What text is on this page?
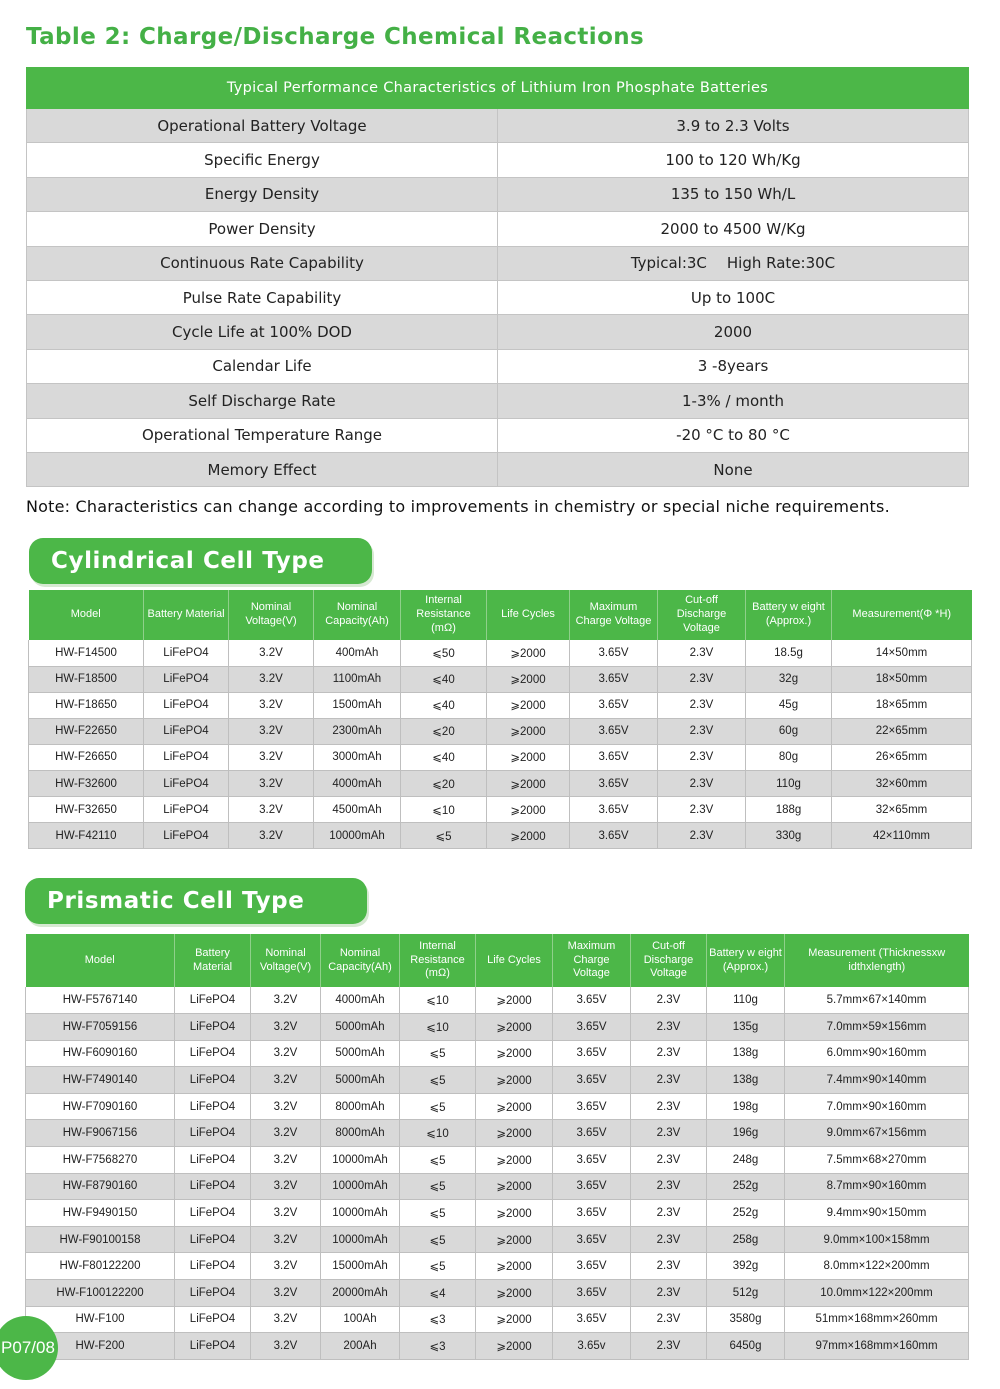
Table 2: Charge/Discharge Chemical Reactions
Typical Performance Characteristics of Lithium Iron Phosphate Batteries	
Operational Battery Voltage	3.9 to 2.3 Volts
Specific Energy	100 to 120 Wh/Kg
Energy Density	135 to 150 Wh/L
Power Density	2000 to 4500 W/Kg
Continuous Rate Capability	Typical:3C High Rate:30C
Pulse Rate Capability	Up to 100C
Cycle Life at 100% DOD	2000
Calendar Life	3 -8years
Self Discharge Rate	1-3% / month
Operational Temperature Range	-20 °C to 80 °C
Memory Effect	None

Note: Characteristics can change according to improvements in chemistry or special niche requirements.

Cylindrical Cell Type
Model	Battery Material	Nominal Voltage(V)	Nominal Capacity(Ah)	Internal Resistance (mΩ)	Life Cycles	Maximum Charge Voltage	Cut-off Discharge Voltage	Battery w eight (Approx.)	Measurement(Φ *H)
HW-F14500	LiFePO4	3.2V	400mAh	⩽50	⩾2000	3.65V	2.3V	18.5g	14×50mm
HW-F18500	LiFePO4	3.2V	1100mAh	⩽40	⩾2000	3.65V	2.3V	32g	18×50mm
HW-F18650	LiFePO4	3.2V	1500mAh	⩽40	⩾2000	3.65V	2.3V	45g	18×65mm
HW-F22650	LiFePO4	3.2V	2300mAh	⩽20	⩾2000	3.65V	2.3V	60g	22×65mm
HW-F26650	LiFePO4	3.2V	3000mAh	⩽40	⩾2000	3.65V	2.3V	80g	26×65mm
HW-F32600	LiFePO4	3.2V	4000mAh	⩽20	⩾2000	3.65V	2.3V	110g	32×60mm
HW-F32650	LiFePO4	3.2V	4500mAh	⩽10	⩾2000	3.65V	2.3V	188g	32×65mm
HW-F42110	LiFePO4	3.2V	10000mAh	⩽5	⩾2000	3.65V	2.3V	330g	42×110mm
Prismatic Cell Type
Model	Battery Material	Nominal Voltage(V)	Nominal Capacity(Ah)	Internal Resistance (mΩ)	Life Cycles	Maximum Charge Voltage	Cut-off Discharge Voltage	Battery w eight (Approx.)	Measurement (Thicknessxw idthxlength)
HW-F5767140	LiFePO4	3.2V	4000mAh	⩽10	⩾2000	3.65V	2.3V	110g	5.7mm×67×140mm
HW-F7059156	LiFePO4	3.2V	5000mAh	⩽10	⩾2000	3.65V	2.3V	135g	7.0mm×59×156mm
HW-F6090160	LiFePO4	3.2V	5000mAh	⩽5	⩾2000	3.65V	2.3V	138g	6.0mm×90×160mm
HW-F7490140	LiFePO4	3.2V	5000mAh	⩽5	⩾2000	3.65V	2.3V	138g	7.4mm×90×140mm
HW-F7090160	LiFePO4	3.2V	8000mAh	⩽5	⩾2000	3.65V	2.3V	198g	7.0mm×90×160mm
HW-F9067156	LiFePO4	3.2V	8000mAh	⩽10	⩾2000	3.65V	2.3V	196g	9.0mm×67×156mm
HW-F7568270	LiFePO4	3.2V	10000mAh	⩽5	⩾2000	3.65V	2.3V	248g	7.5mm×68×270mm
HW-F8790160	LiFePO4	3.2V	10000mAh	⩽5	⩾2000	3.65V	2.3V	252g	8.7mm×90×160mm
HW-F9490150	LiFePO4	3.2V	10000mAh	⩽5	⩾2000	3.65V	2.3V	252g	9.4mm×90×150mm
HW-F90100158	LiFePO4	3.2V	10000mAh	⩽5	⩾2000	3.65V	2.3V	258g	9.0mm×100×158mm
HW-F80122200	LiFePO4	3.2V	15000mAh	⩽5	⩾2000	3.65V	2.3V	392g	8.0mm×122×200mm
HW-F100122200	LiFePO4	3.2V	20000mAh	⩽4	⩾2000	3.65V	2.3V	512g	10.0mm×122×200mm
HW-F100	LiFePO4	3.2V	100Ah	⩽3	⩾2000	3.65V	2.3V	3580g	51mm×168mm×260mm
HW-F200	LiFePO4	3.2V	200Ah	⩽3	⩾2000	3.65v	2.3V	6450g	97mm×168mm×160mm
P07/08
